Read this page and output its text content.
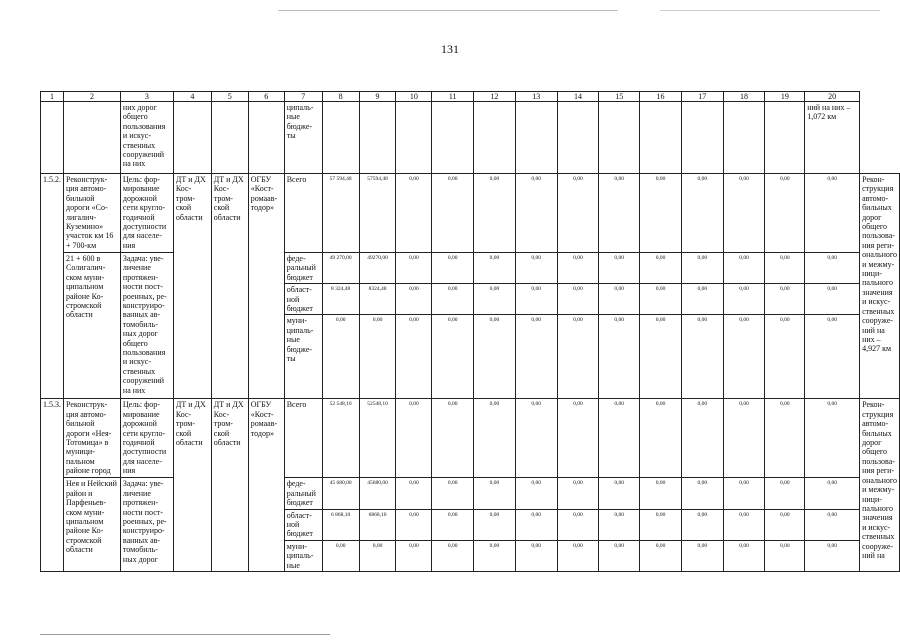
131
1	2	3	4	5	6	7	8	9	10	11	12	13	14	15	16	17	18	19	20	
		них дорог общего пользования и искус- ственных сооружений на них				ципаль- ные бюдже- ты													ний на них – 1,072 км	
1.5.2.	Реконструк- ция автомо- бильной дороги «Со- лигалич- Куземино» участок км 16 + 700-км	Цель: фор- мирование дорожной сети кругло- годичной доступности для населе- ния	ДТ и ДХ Кос- тром- ской области	ДТ и ДХ Кос- тром- ской области	ОГБУ «Кост- ромаав- тодор»	Всего	57 594,48	57594,48	0,00	0,00	0,00	0,00	0,00	0,00	0,00	0,00	0,00	0,00	0,00	Рекон- струкция автомо- бильных дорог общего пользова- ния реги- онального и межму- ници- пального значения и искус- ственных сооруже- ний на них – 4,927 км
	21 + 600 в Солигалич- ском муни- ципальном районе Ко- стромской области	Задача: уве- личение протяжен- ности пост- роенных, ре- конструиро- ванных ав- томобиль- ных дорог общего пользования и искус- ственных сооружений на них				феде- ральный бюджет	49 270,00	49270,00	0,00	0,00	0,00	0,00	0,00	0,00	0,00	0,00	0,00	0,00	0,00	
						област- ной бюджет	8 324,48	8324,48	0,00	0,00	0,00	0,00	0,00	0,00	0,00	0,00	0,00	0,00	0,00	
						муни- ципаль- ные бюдже- ты	0,00	0,00	0,00	0,00	0,00	0,00	0,00	0,00	0,00	0,00	0,00	0,00	0,00	
1.5.3.	Реконструк- ция автомо- бильной дороги «Нея- Тотомица» в муници- пальном районе город	Цель: фор- мирование дорожной сети кругло- годичной доступности для населе- ния	ДТ и ДХ Кос- тром- ской области	ДТ и ДХ Кос- тром- ской области	ОГБУ «Кост- ромаав- тодор»	Всего	52 548,10	52548,10	0,00	0,00	0,00	0,00	0,00	0,00	0,00	0,00	0,00	0,00	0,00	Рекон- струкция автомо- бильных дорог общего пользова- ния реги- онального и межму- ници- пального значения и искус- ственных сооруже- ний на
	Нея и Нейский район и Парфеньев- ском муни- ципальном районе Ко- стромской области	Задача: уве- личение протяжен- ности пост- роенных, ре- конструиро- ванных ав- томобиль- ных дорог				феде- ральный бюджет	45 680,00	45680,00	0,00	0,00	0,00	0,00	0,00	0,00	0,00	0,00	0,00	0,00	0,00	
						област- ной бюджет	6 868,10	6868,10	0,00	0,00	0,00	0,00	0,00	0,00	0,00	0,00	0,00	0,00	0,00	
						муни- ципаль- ные	0,00	0,00	0,00	0,00	0,00	0,00	0,00	0,00	0,00	0,00	0,00	0,00	0,00	
